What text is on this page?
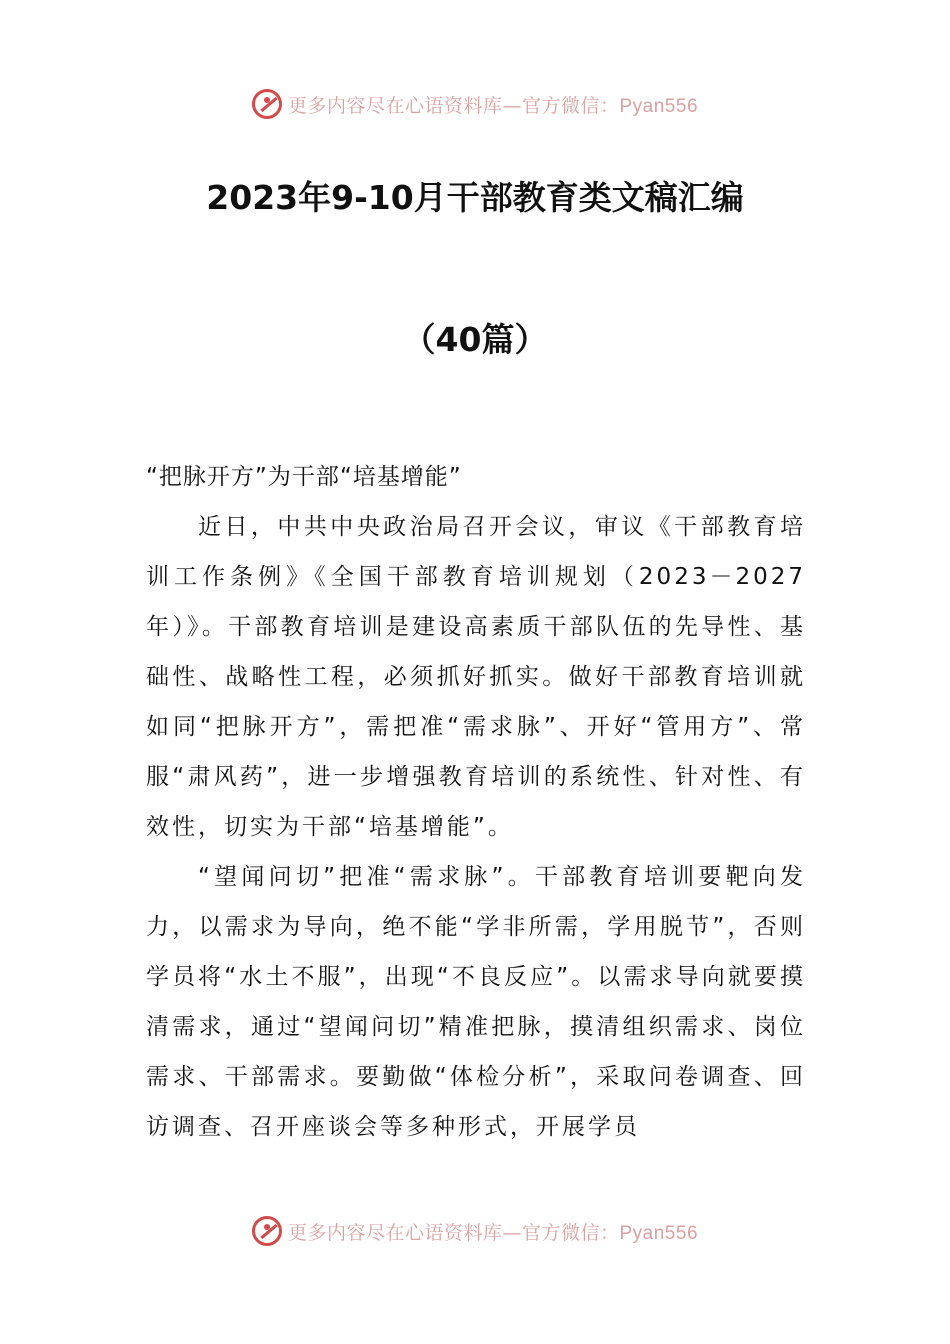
更多内容尽在心语资料库—官方微信：Pyan556
2023年9-10月干部教育类文稿汇编
（40篇）

“把脉开方”为干部“培基增能”

近日，中共中央政治局召开会议，审议《干部教育培训工作条例》《全国干部教育培训规划（2023－2027年）》。干部教育培训是建设高素质干部队伍的先导性、基础性、战略性工程，必须抓好抓实。做好干部教育培训就如同“把脉开方”，需把准“需求脉”、开好“管用方”、常服“肃风药”，进一步增强教育培训的系统性、针对性、有效性，切实为干部“培基增能”。

“望闻问切”把准“需求脉”。干部教育培训要靶向发力，以需求为导向，绝不能“学非所需，学用脱节”，否则学员将“水土不服”，出现“不良反应”。以需求导向就要摸清需求，通过“望闻问切”精准把脉，摸清组织需求、岗位需求、干部需求。要勤做“体检分析”，采取问卷调查、回访调查、召开座谈会等多种形式，开展学员

更多内容尽在心语资料库—官方微信：Pyan556
